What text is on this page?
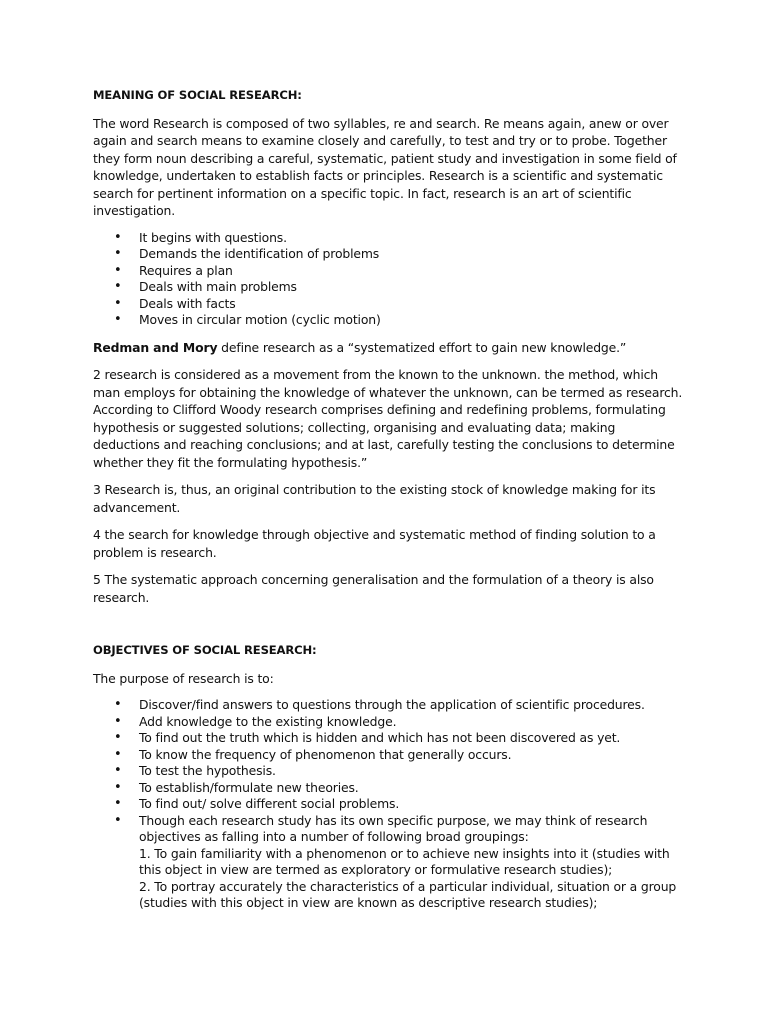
MEANING OF SOCIAL RESEARCH:

The word Research is composed of two syllables, re and search. Re means again, anew or over again and search means to examine closely and carefully, to test and try or to probe. Together they form noun describing a careful, systematic, patient study and investigation in some field of knowledge, undertaken to establish facts or principles. Research is a scientific and systematic search for pertinent information on a specific topic. In fact, research is an art of scientific investigation.

• It begins with questions.
• Demands the identification of problems
• Requires a plan
• Deals with main problems
• Deals with facts
• Moves in circular motion (cyclic motion)

Redman and Mory define research as a “systematized effort to gain new knowledge.”

2 research is considered as a movement from the known to the unknown. the method, which man employs for obtaining the knowledge of whatever the unknown, can be termed as research. According to Clifford Woody research comprises defining and redefining problems, formulating hypothesis or suggested solutions; collecting, organising and evaluating data; making deductions and reaching conclusions; and at last, carefully testing the conclusions to determine whether they fit the formulating hypothesis.”

3 Research is, thus, an original contribution to the existing stock of knowledge making for its advancement.

4 the search for knowledge through objective and systematic method of finding solution to a problem is research.

5 The systematic approach concerning generalisation and the formulation of a theory is also research.

OBJECTIVES OF SOCIAL RESEARCH:

The purpose of research is to:

• Discover/find answers to questions through the application of scientific procedures.
• Add knowledge to the existing knowledge.
• To find out the truth which is hidden and which has not been discovered as yet.
• To know the frequency of phenomenon that generally occurs.
• To test the hypothesis.
• To establish/formulate new theories.
• To find out/ solve different social problems.
• Though each research study has its own specific purpose, we may think of research objectives as falling into a number of following broad groupings:
1. To gain familiarity with a phenomenon or to achieve new insights into it (studies with this object in view are termed as exploratory or formulative research studies);
2. To portray accurately the characteristics of a particular individual, situation or a group (studies with this object in view are known as descriptive research studies);
